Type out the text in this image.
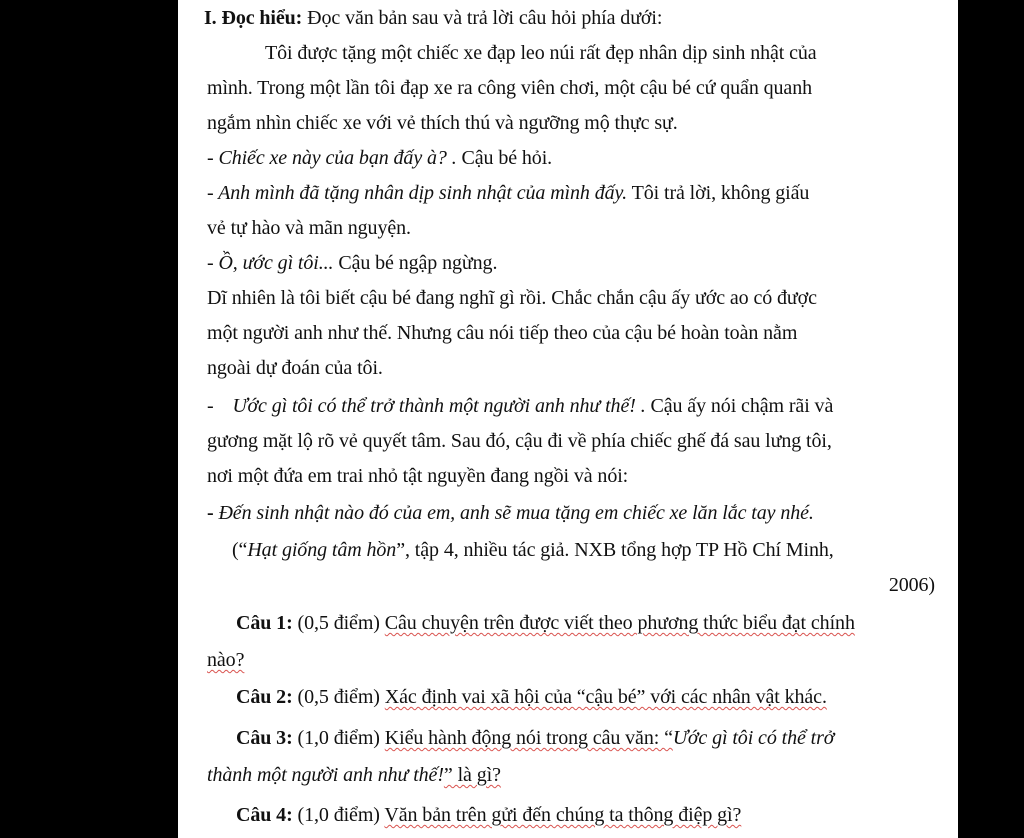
I. Đọc hiểu: Đọc văn bản sau và trả lời câu hỏi phía dưới:
Tôi được tặng một chiếc xe đạp leo núi rất đẹp nhân dịp sinh nhật của
mình. Trong một lần tôi đạp xe ra công viên chơi, một cậu bé cứ quẩn quanh
ngắm nhìn chiếc xe với vẻ thích thú và ngưỡng mộ thực sự.
- Chiếc xe này của bạn đấy à? . Cậu bé hỏi.
- Anh mình đã tặng nhân dịp sinh nhật của mình đấy. Tôi trả lời, không giấu
vẻ tự hào và mãn nguyện.
- Ồ, ước gì tôi... Cậu bé ngập ngừng.
Dĩ nhiên là tôi biết cậu bé đang nghĩ gì rồi. Chắc chắn cậu ấy ước ao có được
một người anh như thế. Nhưng câu nói tiếp theo của cậu bé hoàn toàn nằm
ngoài dự đoán của tôi.
- Ước gì tôi có thể trở thành một người anh như thế! . Cậu ấy nói chậm rãi và
gương mặt lộ rõ vẻ quyết tâm. Sau đó, cậu đi về phía chiếc ghế đá sau lưng tôi,
nơi một đứa em trai nhỏ tật nguyền đang ngồi và nói:
- Đến sinh nhật nào đó của em, anh sẽ mua tặng em chiếc xe lăn lắc tay nhé.
(“Hạt giống tâm hồn”, tập 4, nhiều tác giả. NXB tổng hợp TP Hồ Chí Minh,
2006)
Câu 1: (0,5 điểm) Câu chuyện trên được viết theo phương thức biểu đạt chính
nào?
Câu 2: (0,5 điểm) Xác định vai xã hội của “cậu bé” với các nhân vật khác.
Câu 3: (1,0 điểm) Kiểu hành động nói trong câu văn: “Ước gì tôi có thể trở
thành một người anh như thế!” là gì?
Câu 4: (1,0 điểm) Văn bản trên gửi đến chúng ta thông điệp gì?
